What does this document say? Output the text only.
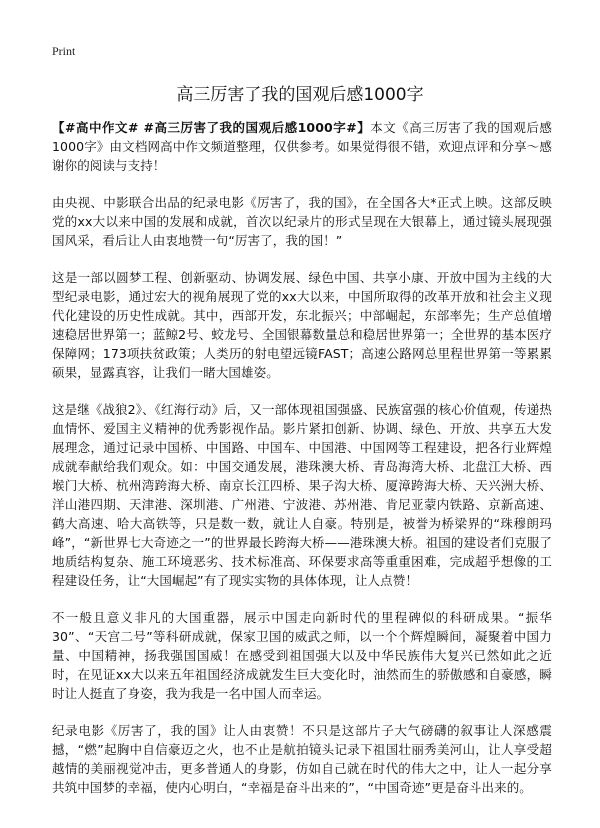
Print
高三厉害了我的国观后感1000字

【#高中作文# #高三厉害了我的国观后感1000字#】本文《高三厉害了我的国观后感1000字》由文档网高中作文频道整理，仅供参考。如果觉得很不错，欢迎点评和分享～感谢你的阅读与支持！

由央视、中影联合出品的纪录电影《厉害了，我的国》，在全国各大*正式上映。这部反映党的xx大以来中国的发展和成就，首次以纪录片的形式呈现在大银幕上，通过镜头展现强国风采，看后让人由衷地赞一句“厉害了，我的国！”

这是一部以圆梦工程、创新驱动、协调发展、绿色中国、共享小康、开放中国为主线的大型纪录电影，通过宏大的视角展现了党的xx大以来，中国所取得的改革开放和社会主义现代化建设的历史性成就。其中，西部开发，东北振兴；中部崛起，东部率先；生产总值增速稳居世界第一；蓝鲸2号、蛟龙号、全国银幕数量总和稳居世界第一；全世界的基本医疗保障网；173项扶贫政策；人类历的射电望远镜FAST；高速公路网总里程世界第一等累累硕果，显露真容，让我们一睹大国雄姿。

这是继《战狼2》、《红海行动》后，又一部体现祖国强盛、民族富强的核心价值观，传递热血情怀、爱国主义精神的优秀影视作品。影片紧扣创新、协调、绿色、开放、共享五大发展理念，通过记录中国桥、中国路、中国车、中国港、中国网等工程建设，把各行业辉煌成就奉献给我们观众。如：中国交通发展，港珠澳大桥、青岛海湾大桥、北盘江大桥、西堠门大桥、杭州湾跨海大桥、南京长江四桥、果子沟大桥、厦漳跨海大桥、天兴洲大桥、洋山港四期、天津港、深圳港、广州港、宁波港、苏州港、肯尼亚蒙内铁路、京新高速、鹤大高速、哈大高铁等，只是数一数，就让人自豪。特别是，被誉为桥梁界的“珠穆朗玛峰”，“新世界七大奇迹之一”的世界最长跨海大桥——港珠澳大桥。祖国的建设者们克服了地质结构复杂、施工环境恶劣、技术标准高、环保要求高等重重困难，完成超乎想像的工程建设任务，让“大国崛起”有了现实实物的具体体现，让人点赞！

不一般且意义非凡的大国重器，展示中国走向新时代的里程碑似的科研成果。“振华30”、“天宫二号”等科研成就，保家卫国的威武之师，以一个个辉煌瞬间，凝聚着中国力量、中国精神，扬我强国国威！在感受到祖国强大以及中华民族伟大复兴已然如此之近时，在见证xx大以来五年祖国经济成就发生巨大变化时，油然而生的骄傲感和自豪感，瞬时让人挺直了身姿，我为我是一名中国人而幸运。

纪录电影《厉害了，我的国》让人由衷赞！不只是这部片子大气磅礴的叙事让人深感震撼，“燃”起胸中自信豪迈之火，也不止是航拍镜头记录下祖国壮丽秀美河山，让人享受超越情的美丽视觉冲击，更多普通人的身影，仿如自己就在时代的伟大之中，让人一起分享共筑中国梦的幸福，使内心明白，“幸福是奋斗出来的”，“中国奇迹”更是奋斗出来的。
